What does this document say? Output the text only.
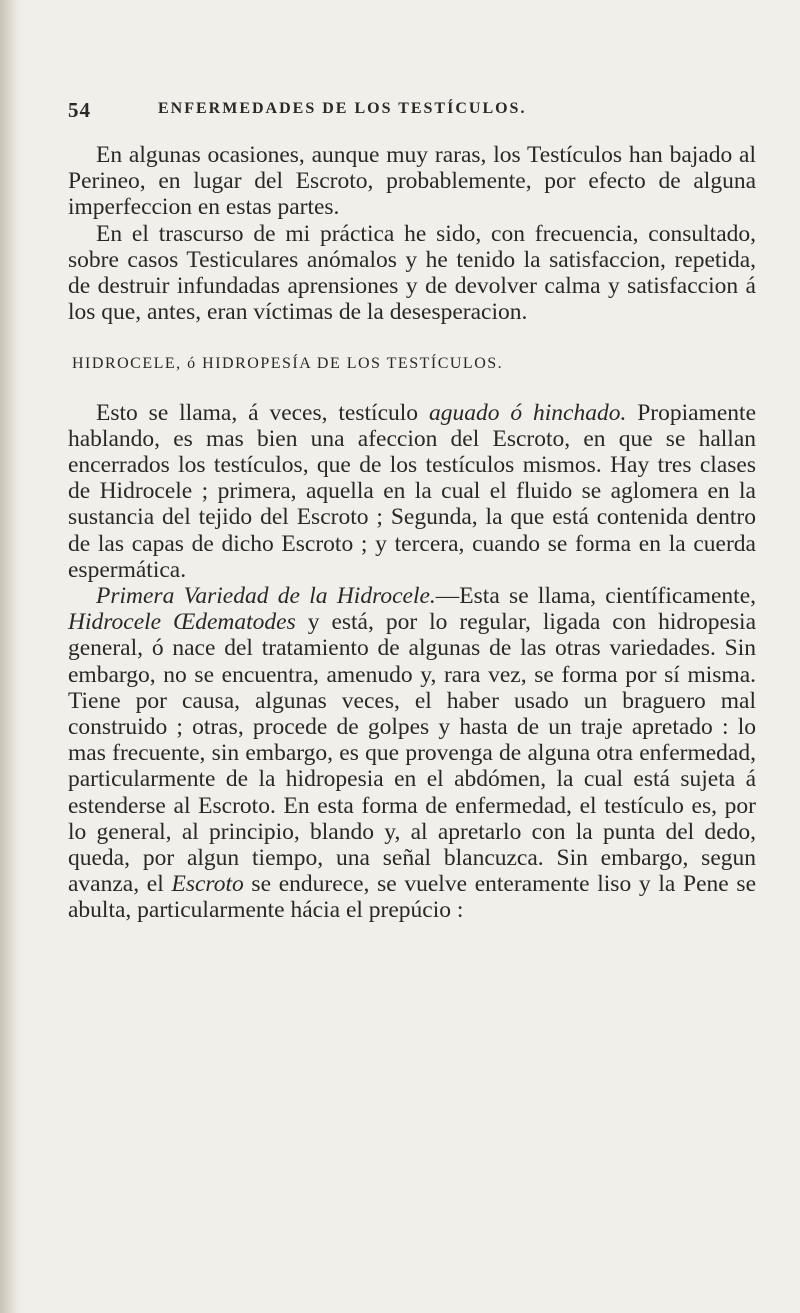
54	ENFERMEDADES DE LOS TESTÍCULOS.

En algunas ocasiones, aunque muy raras, los Testículos han bajado al Perineo, en lugar del Escroto, probablemente, por efecto de alguna imperfeccion en estas partes.

En el trascurso de mi práctica he sido, con frecuencia, consultado, sobre casos Testiculares anómalos y he tenido la satisfaccion, repetida, de destruir infundadas aprensiones y de devolver calma y satisfaccion á los que, antes, eran víctimas de la desesperacion.

HIDROCELE, ó HIDROPESÍA DE LOS TESTÍCULOS.

Esto se llama, á veces, testículo aguado ó hinchado. Propiamente hablando, es mas bien una afeccion del Escroto, en que se hallan encerrados los testículos, que de los testículos mismos. Hay tres clases de Hidrocele ; primera, aquella en la cual el fluido se aglomera en la sustancia del tejido del Escroto ; Segunda, la que está contenida dentro de las capas de dicho Escroto ; y tercera, cuando se forma en la cuerda espermática.

Primera Variedad de la Hidrocele.—Esta se llama, científicamente, Hidrocele Œdematodes y está, por lo regular, ligada con hidropesia general, ó nace del tratamiento de algunas de las otras variedades. Sin embargo, no se encuentra, amenudo y, rara vez, se forma por sí misma. Tiene por causa, algunas veces, el haber usado un braguero mal construido ; otras, procede de golpes y hasta de un traje apretado : lo mas frecuente, sin embargo, es que provenga de alguna otra enfermedad, particularmente de la hidropesia en el abdómen, la cual está sujeta á estenderse al Escroto. En esta forma de enfermedad, el testículo es, por lo general, al principio, blando y, al apretarlo con la punta del dedo, queda, por algun tiempo, una señal blancuzca. Sin embargo, segun avanza, el Escroto se endurece, se vuelve enteramente liso y la Pene se abulta, particularmente hácia el prepúcio :
